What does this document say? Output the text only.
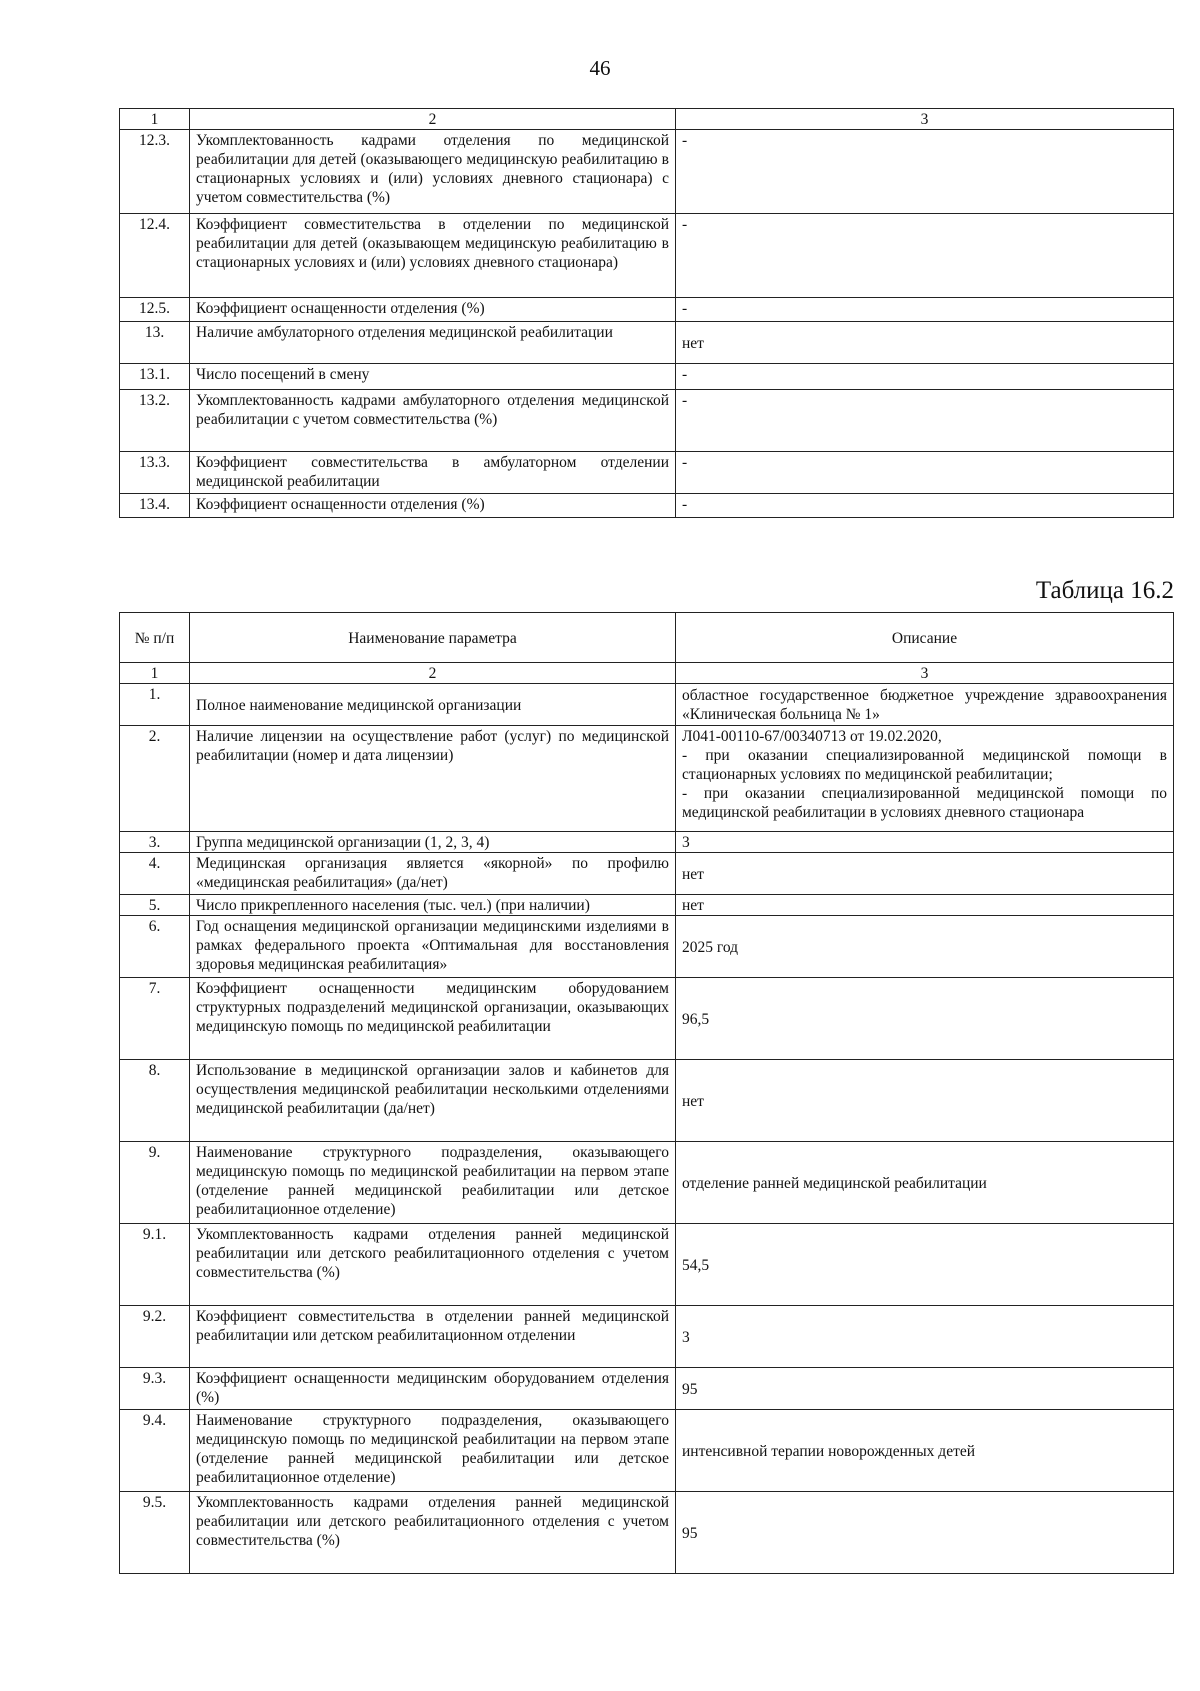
46
1	2	3
12.3.	Укомплектованность кадрами отделения по медицинской реабилитации для детей (оказывающего медицинскую реабилитацию в стационарных условиях и (или) условиях дневного стационара) с учетом совместительства (%)	-
12.4.	Коэффициент совместительства в отделении по медицинской реабилитации для детей (оказывающем медицинскую реабилитацию в стационарных условиях и (или) условиях дневного стационара)	-
12.5.	Коэффициент оснащенности отделения (%)	-
13.	Наличие амбулаторного отделения медицинской реабилитации	нет
13.1.	Число посещений в смену	-
13.2.	Укомплектованность кадрами амбулаторного отделения медицинской реабилитации с учетом совместительства (%)	-
13.3.	Коэффициент совместительства в амбулаторном отделении медицинской реабилитации	-
13.4.	Коэффициент оснащенности отделения (%)	-
Таблица 16.2
№ п/п	Наименование параметра	Описание
1	2	3
1.	Полное наименование медицинской организации	областное государственное бюджетное учреждение здравоохранения «Клиническая больница № 1»

2.	Наличие лицензии на осуществление работ (услуг) по медицинской реабилитации (номер и дата лицензии)	Л041-00110-67/00340713 от 19.02.2020,
- при оказании специализированной медицинской помощи в стационарных условиях по медицинской реабилитации;
- при оказании специализированной медицинской помощи по медицинской реабилитации в условиях дневного стационара

3.	Группа медицинской организации (1, 2, 3, 4)	3

4.	Медицинская организация является «якорной» по профилю «медицинская реабилитация» (да/нет)	нет

5.	Число прикрепленного населения (тыс. чел.) (при наличии)	нет

6.	Год оснащения медицинской организации медицинскими изделиями в рамках федерального проекта «Оптимальная для восстановления здоровья медицинская реабилитация»	2025 год

7.	Коэффициент оснащенности медицинским оборудованием структурных подразделений медицинской организации, оказывающих медицинскую помощь по медицинской реабилитации	96,5

8.	Использование в медицинской организации залов и кабинетов для осуществления медицинской реабилитации несколькими отделениями медицинской реабилитации (да/нет)	нет

9.	Наименование структурного подразделения, оказывающего медицинскую помощь по медицинской реабилитации на первом этапе (отделение ранней медицинской реабилитации или детское реабилитационное отделение)	отделение ранней медицинской реабилитации

9.1.	Укомплектованность кадрами отделения ранней медицинской реабилитации или детского реабилитационного отделения с учетом совместительства (%)	54,5

9.2.	Коэффициент совместительства в отделении ранней медицинской реабилитации или детском реабилитационном отделении	3

9.3.	Коэффициент оснащенности медицинским оборудованием отделения (%)	95

9.4.	Наименование структурного подразделения, оказывающего медицинскую помощь по медицинской реабилитации на первом этапе (отделение ранней медицинской реабилитации или детское реабилитационное отделение)	интенсивной терапии новорожденных детей

9.5.	Укомплектованность кадрами отделения ранней медицинской реабилитации или детского реабилитационного отделения с учетом совместительства (%)	95
